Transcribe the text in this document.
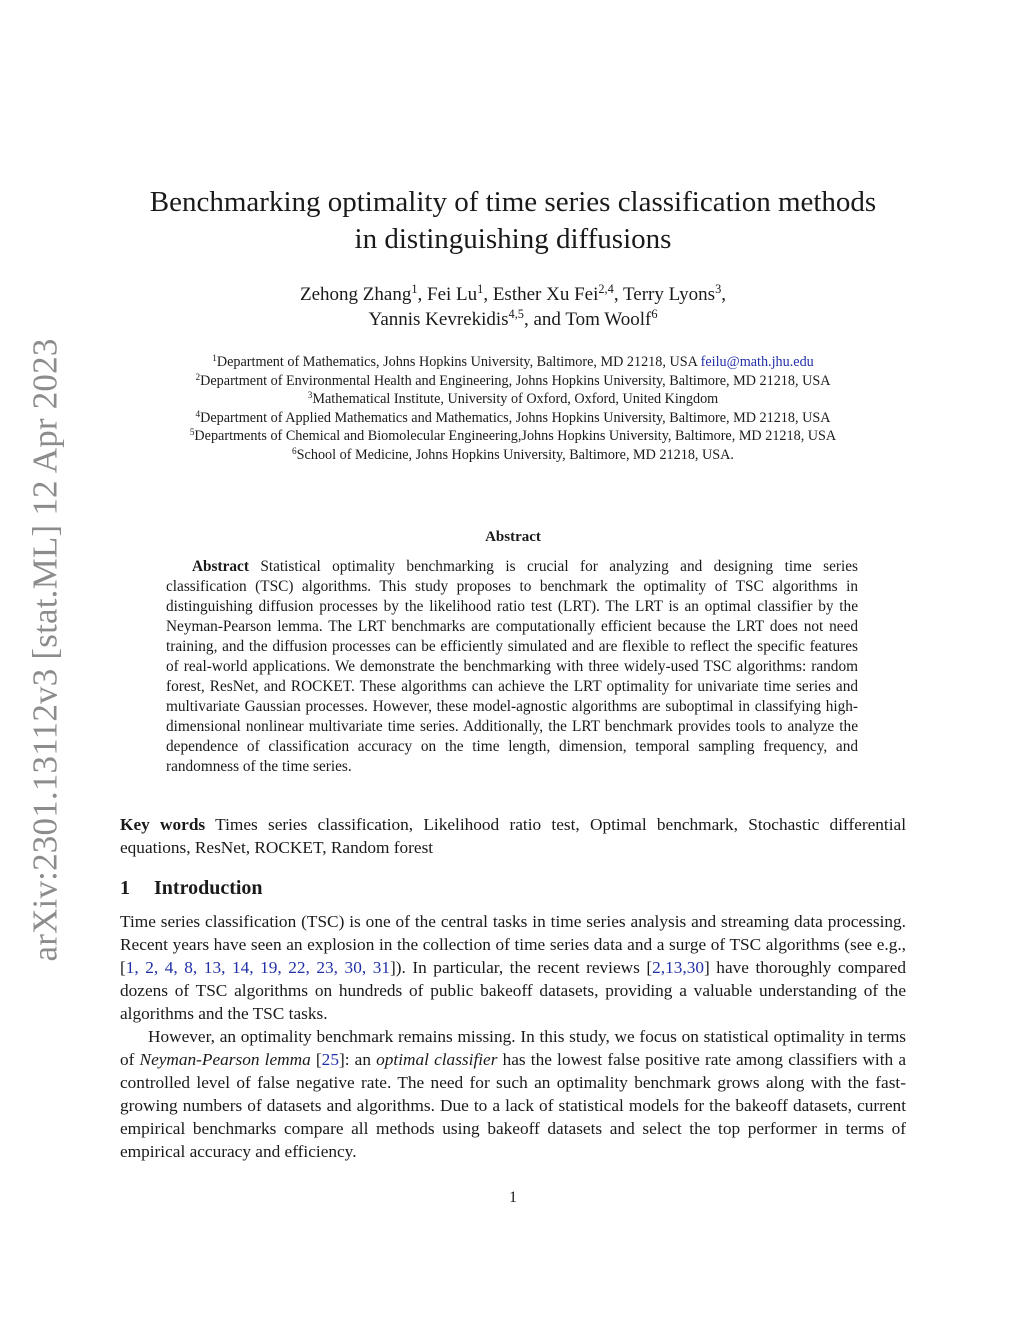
arXiv:2301.13112v3 [stat.ML] 12 Apr 2023
Benchmarking optimality of time series classification methods
in distinguishing diffusions
Zehong Zhang$^1$, Fei Lu$^1$, Esther Xu Fei$^{2,4}$, Terry Lyons$^3$,
Yannis Kevrekidis$^{4,5}$, and Tom Woolf$^6$
$^1$Department of Mathematics, Johns Hopkins University, Baltimore, MD 21218, USA feilu@math.jhu.edu
$^2$Department of Environmental Health and Engineering, Johns Hopkins University, Baltimore, MD 21218, USA
$^3$Mathematical Institute, University of Oxford, Oxford, United Kingdom
$^4$Department of Applied Mathematics and Mathematics, Johns Hopkins University, Baltimore, MD 21218, USA
$^5$Departments of Chemical and Biomolecular Engineering,Johns Hopkins University, Baltimore, MD 21218, USA
$^6$School of Medicine, Johns Hopkins University, Baltimore, MD 21218, USA.
Abstract

Abstract Statistical optimality benchmarking is crucial for analyzing and designing time series classification (TSC) algorithms. This study proposes to benchmark the optimality of TSC algorithms in distinguishing diffusion processes by the likelihood ratio test (LRT). The LRT is an optimal classifier by the Neyman-Pearson lemma. The LRT benchmarks are computationally efficient because the LRT does not need training, and the diffusion processes can be efficiently simulated and are flexible to reflect the specific features of real-world applications. We demonstrate the benchmarking with three widely-used TSC algorithms: random forest, ResNet, and ROCKET. These algorithms can achieve the LRT optimality for univariate time series and multivariate Gaussian processes. However, these model-agnostic algorithms are suboptimal in classifying high-dimensional nonlinear multivariate time series. Additionally, the LRT benchmark provides tools to analyze the dependence of classification accuracy on the time length, dimension, temporal sampling frequency, and randomness of the time series.

Key words Times series classification, Likelihood ratio test, Optimal benchmark, Stochastic differential equations, ResNet, ROCKET, Random forest

1 Introduction

Time series classification (TSC) is one of the central tasks in time series analysis and streaming data processing. Recent years have seen an explosion in the collection of time series data and a surge of TSC algorithms (see e.g., [1, 2, 4, 8, 13, 14, 19, 22, 23, 30, 31]). In particular, the recent reviews [2,13,30] have thoroughly compared dozens of TSC algorithms on hundreds of public bakeoff datasets, providing a valuable understanding of the algorithms and the TSC tasks.

However, an optimality benchmark remains missing. In this study, we focus on statistical optimality in terms of Neyman-Pearson lemma [25]: an optimal classifier has the lowest false positive rate among classifiers with a controlled level of false negative rate. The need for such an optimality benchmark grows along with the fast-growing numbers of datasets and algorithms. Due to a lack of statistical models for the bakeoff datasets, current empirical benchmarks compare all methods using bakeoff datasets and select the top performer in terms of empirical accuracy and efficiency.

1
